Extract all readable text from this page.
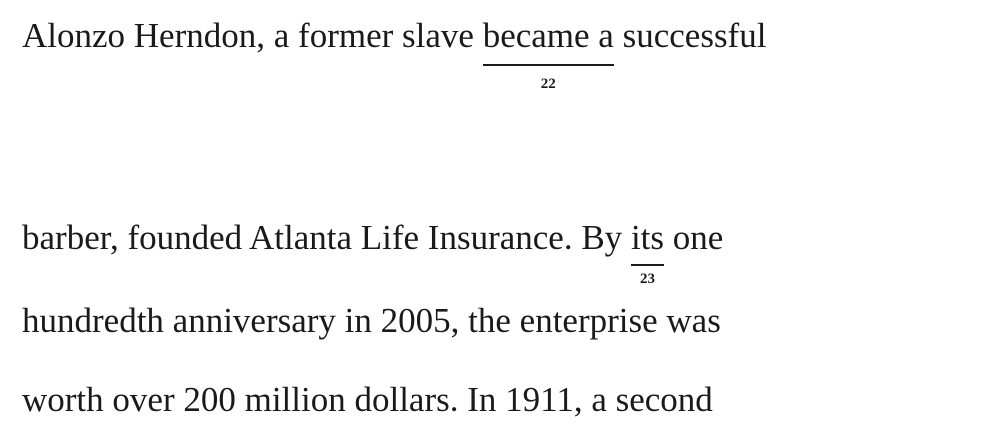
Alonzo Herndon, a former slave became a
22
successful
barber, founded Atlanta Life Insurance. By its
23
one
hundredth anniversary in 2005, the enterprise was
worth over 200 million dollars. In 1911, a second
